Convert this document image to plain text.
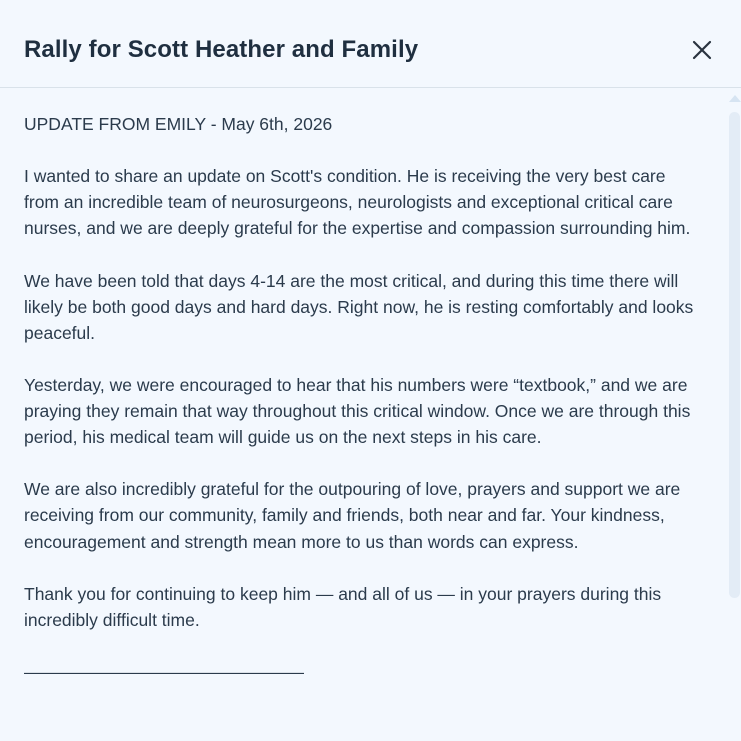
Rally for Scott Heather and Family

UPDATE FROM EMILY - May 6th, 2026

I wanted to share an update on Scott's condition. He is receiving the very best care from an incredible team of neurosurgeons, neurologists and exceptional critical care nurses, and we are deeply grateful for the expertise and compassion surrounding him.

We have been told that days 4-14 are the most critical, and during this time there will likely be both good days and hard days. Right now, he is resting comfortably and looks peaceful.

Yesterday, we were encouraged to hear that his numbers were “textbook,” and we are praying they remain that way throughout this critical window. Once we are through this period, his medical team will guide us on the next steps in his care.

We are also incredibly grateful for the outpouring of love, prayers and support we are receiving from our community, family and friends, both near and far. Your kindness, encouragement and strength mean more to us than words can express.

Thank you for continuing to keep him — and all of us — in your prayers during this incredibly difficult time.

————————————————
